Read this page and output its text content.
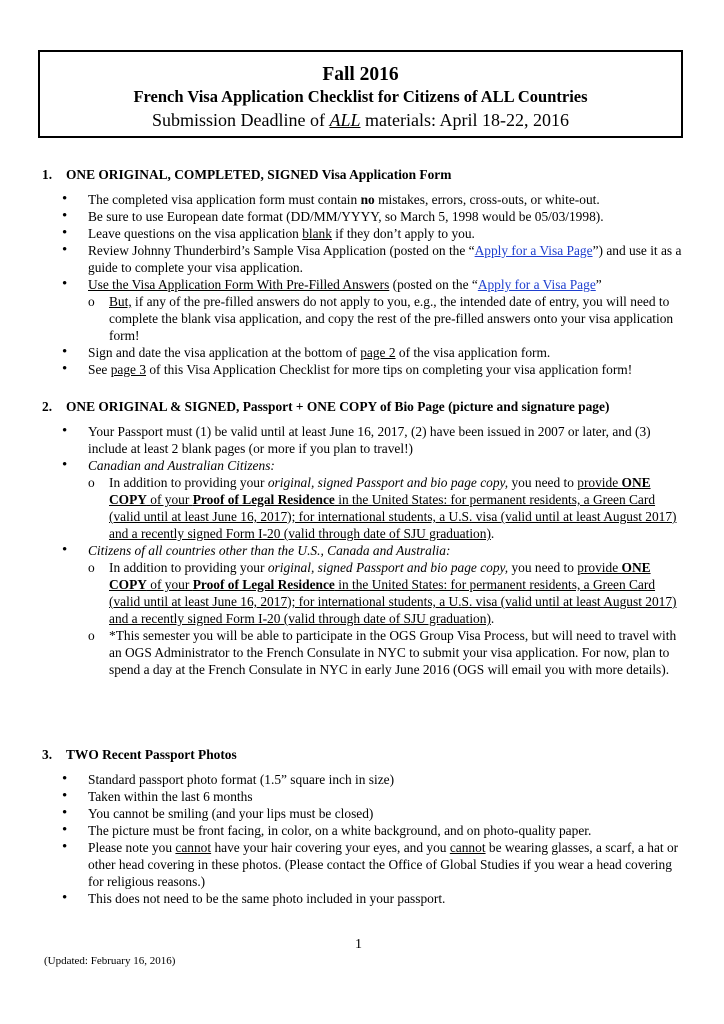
Fall 2016
French Visa Application Checklist for Citizens of ALL Countries
Submission Deadline of ALL materials: April 18-22, 2016
1.	ONE ORIGINAL, COMPLETED, SIGNED Visa Application Form
• The completed visa application form must contain no mistakes, errors, cross-outs, or white-out.
• Be sure to use European date format (DD/MM/YYYY, so March 5, 1998 would be 05/03/1998).
• Leave questions on the visa application blank if they don’t apply to you.
• Review Johnny Thunderbird’s Sample Visa Application (posted on the “Apply for a Visa Page”) and use it as a guide to complete your visa application.
• Use the Visa Application Form With Pre-Filled Answers (posted on the “Apply for a Visa Page”
o But, if any of the pre-filled answers do not apply to you, e.g., the intended date of entry, you will need to complete the blank visa application, and copy the rest of the pre-filled answers onto your visa application form!
• Sign and date the visa application at the bottom of page 2 of the visa application form.
• See page 3 of this Visa Application Checklist for more tips on completing your visa application form!
2.	ONE ORIGINAL & SIGNED, Passport + ONE COPY of Bio Page (picture and signature page)
• Your Passport must (1) be valid until at least June 16, 2017, (2) have been issued in 2007 or later, and (3) include at least 2 blank pages (or more if you plan to travel!)
• Canadian and Australian Citizens:
o In addition to providing your original, signed Passport and bio page copy, you need to provide ONE COPY of your Proof of Legal Residence in the United States: for permanent residents, a Green Card (valid until at least June 16, 2017); for international students, a U.S. visa (valid until at least August 2017) and a recently signed Form I-20 (valid through date of SJU graduation).
• Citizens of all countries other than the U.S., Canada and Australia:
o In addition to providing your original, signed Passport and bio page copy, you need to provide ONE COPY of your Proof of Legal Residence in the United States: for permanent residents, a Green Card (valid until at least June 16, 2017); for international students, a U.S. visa (valid until at least August 2017) and a recently signed Form I-20 (valid through date of SJU graduation).
o *This semester you will be able to participate in the OGS Group Visa Process, but will need to travel with an OGS Administrator to the French Consulate in NYC to submit your visa application. For now, plan to spend a day at the French Consulate in NYC in early June 2016 (OGS will email you with more details).
3.	TWO Recent Passport Photos
• Standard passport photo format (1.5” square inch in size)
• Taken within the last 6 months
• You cannot be smiling (and your lips must be closed)
• The picture must be front facing, in color, on a white background, and on photo-quality paper.
• Please note you cannot have your hair covering your eyes, and you cannot be wearing glasses, a scarf, a hat or other head covering in these photos. (Please contact the Office of Global Studies if you wear a head covering for religious reasons.)
• This does not need to be the same photo included in your passport.
1
(Updated: February 16, 2016)
